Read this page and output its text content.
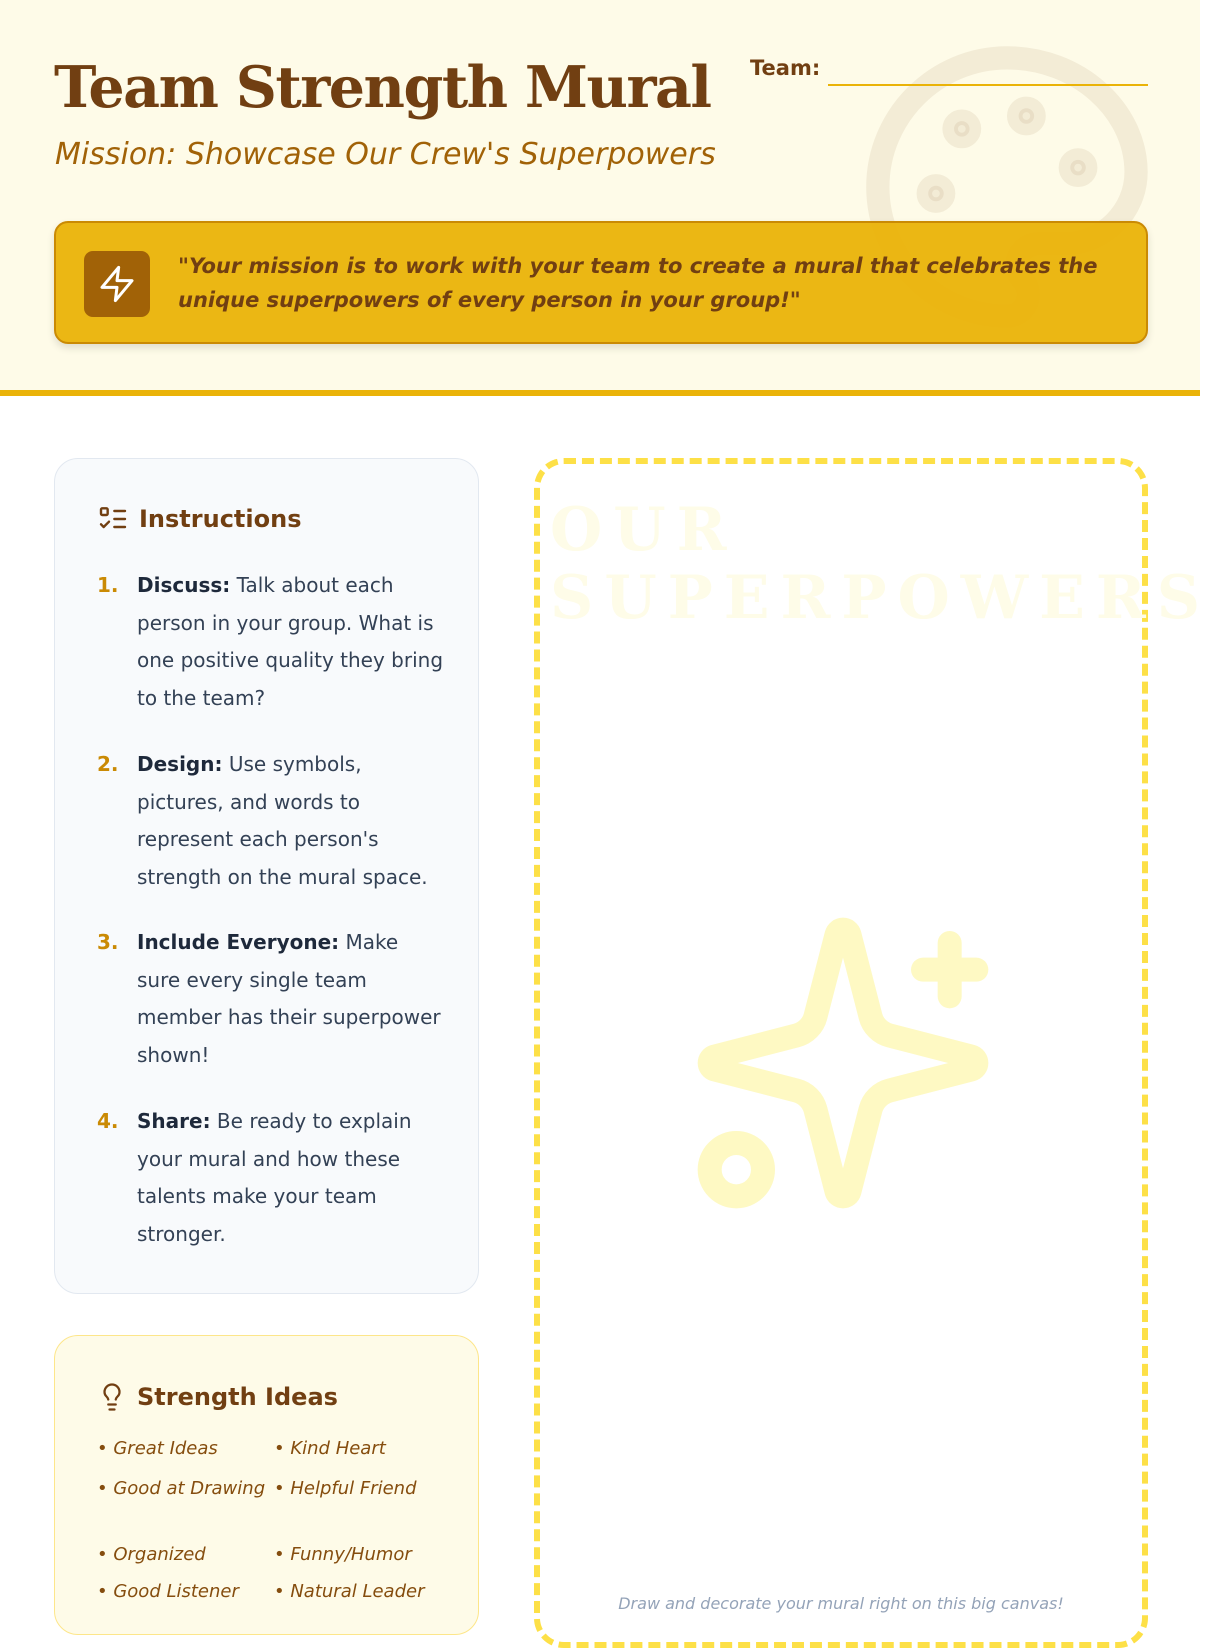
Team Strength Mural
Mission: Showcase Our Crew's Superpowers
Team:

"Your mission is to work with your team to create a mural that celebrates the unique superpowers of every person in your group!"

Instructions
1. Discuss: Talk about each person in your group. What is one positive quality they bring to the team?
2. Design: Use symbols, pictures, and words to represent each person's strength on the mural space.
3. Include Everyone: Make sure every single team member has their superpower shown!
4. Share: Be ready to explain your mural and how these talents make your team stronger.
Strength Ideas
• Great Ideas	• Kind Heart
• Good at Drawing • Helpful Friend
• Organized	• Funny/Humor
• Good Listener	• Natural Leader
OUR SUPERPOWERS
Draw and decorate your mural right on this big canvas!
